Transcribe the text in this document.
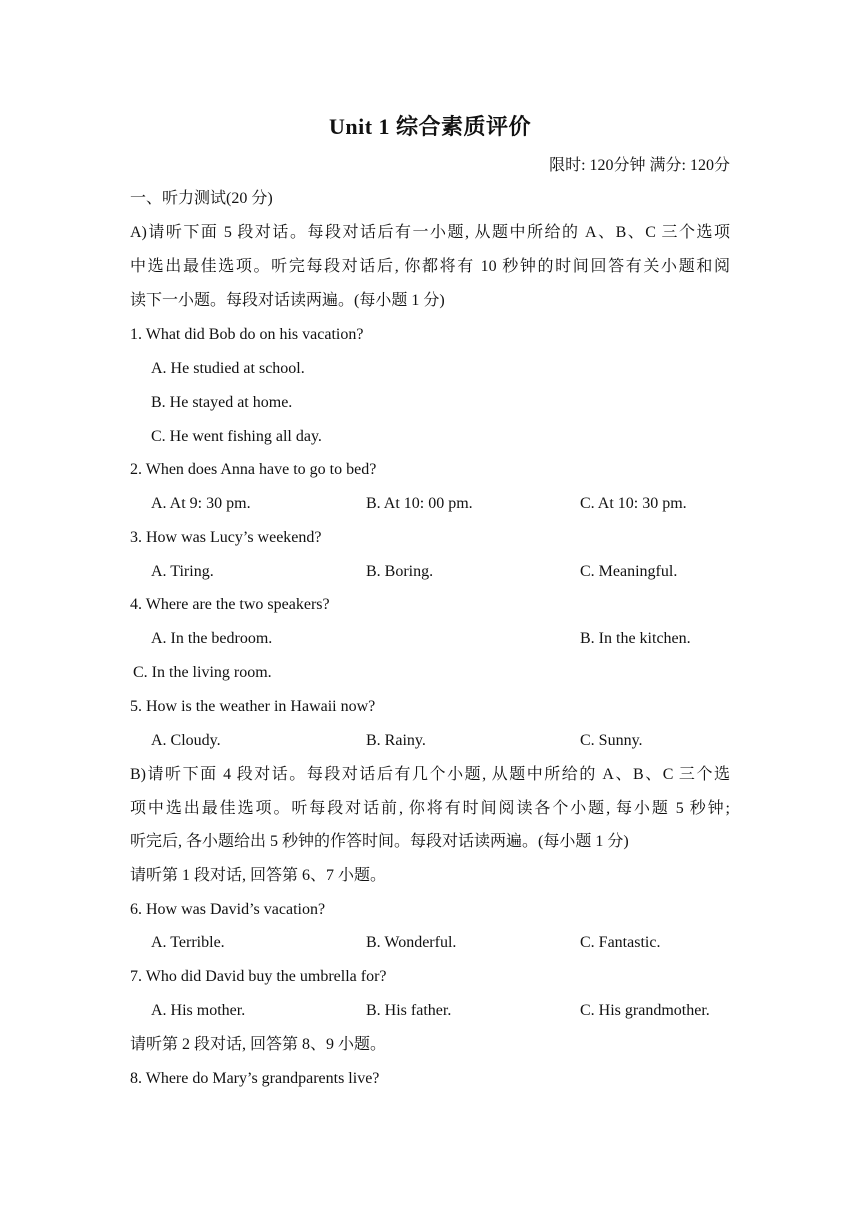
Unit 1 综合素质评价
限时: 120分钟 满分: 120分
一、听力测试(20 分)
A)请听下面 5 段对话。每段对话后有一小题, 从题中所给的 A、B、C 三个选项
中选出最佳选项。听完每段对话后, 你都将有 10 秒钟的时间回答有关小题和阅
读下一小题。每段对话读两遍。(每小题 1 分)
1. What did Bob do on his vacation?
A. He studied at school.
B. He stayed at home.
C. He went fishing all day.
2. When does Anna have to go to bed?
A. At 9: 30 pm.	B. At 10: 00 pm.	C. At 10: 30 pm.
3. How was Lucy’s weekend?
A. Tiring.	B. Boring.	C. Meaningful.
4. Where are the two speakers?
A. In the bedroom.	B. In the kitchen.
C. In the living room.
5. How is the weather in Hawaii now?
A. Cloudy.	B. Rainy.	C. Sunny.
B)请听下面 4 段对话。每段对话后有几个小题, 从题中所给的 A、B、C 三个选
项中选出最佳选项。听每段对话前, 你将有时间阅读各个小题, 每小题 5 秒钟;
听完后, 各小题给出 5 秒钟的作答时间。每段对话读两遍。(每小题 1 分)
请听第 1 段对话, 回答第 6、7 小题。
6. How was David’s vacation?
A. Terrible.	B. Wonderful.	C. Fantastic.
7. Who did David buy the umbrella for?
A. His mother.	B. His father.	C. His grandmother.
请听第 2 段对话, 回答第 8、9 小题。
8. Where do Mary’s grandparents live?
